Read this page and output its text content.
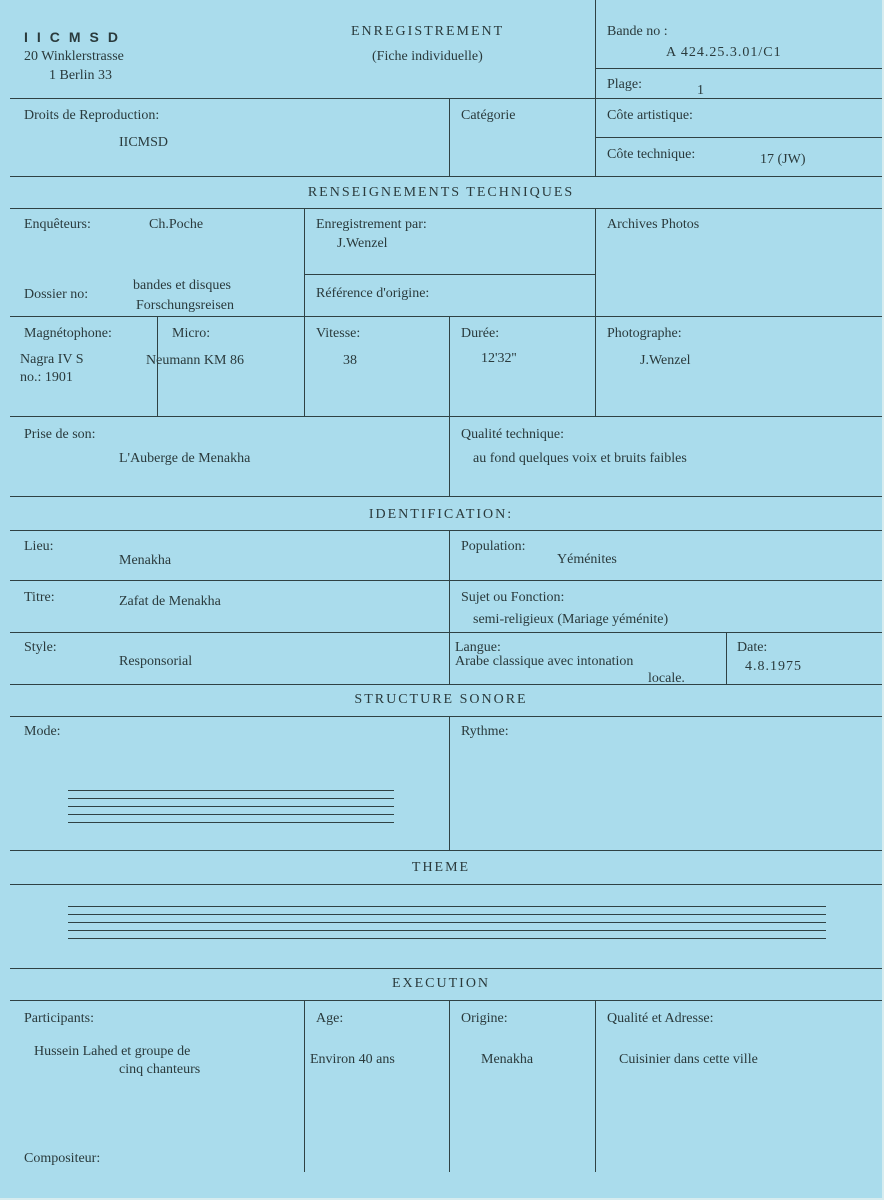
IICMSD
20 Winklerstrasse
1 Berlin 33
ENREGISTREMENT
(Fiche individuelle)
Bande no :
A 424.25.3.01/C1
Plage:	1
Droits de Reproduction:
IICMSD
Catégorie	Côte artistique:
Côte technique:	17 (JW)
RENSEIGNEMENTS TECHNIQUES
Enquêteurs:	Ch.Poche	Enregistrement par:
J.Wenzel
Archives Photos
Dossier no:
bandes et disques
Forschungsreisen
Référence d'origine:
Magnétophone:
Nagra IV S
no.: 1901
Micro:
Neumann KM 86
Vitesse:
38
Durée:
12'32''
Photographe:
J.Wenzel
Prise de son:
L'Auberge de Menakha
Qualité technique:
au fond quelques voix et bruits faibles
IDENTIFICATION:
Lieu:
Menakha
Population:
Yéménites
Titre:	Zafat de Menakha	Sujet ou Fonction:
semi-religieux (Mariage yéménite)
Style:
Responsorial
Langue:
Arabe classique avec intonation
locale.
Date:
4.8.1975
STRUCTURE SONORE
Mode:	Rythme:
THEME
EXECUTION
Participants:
Hussein Lahed et groupe de
cinq chanteurs
Age:
Environ 40 ans
Origine:
Menakha
Qualité et Adresse:
Cuisinier dans cette ville
Compositeur:
